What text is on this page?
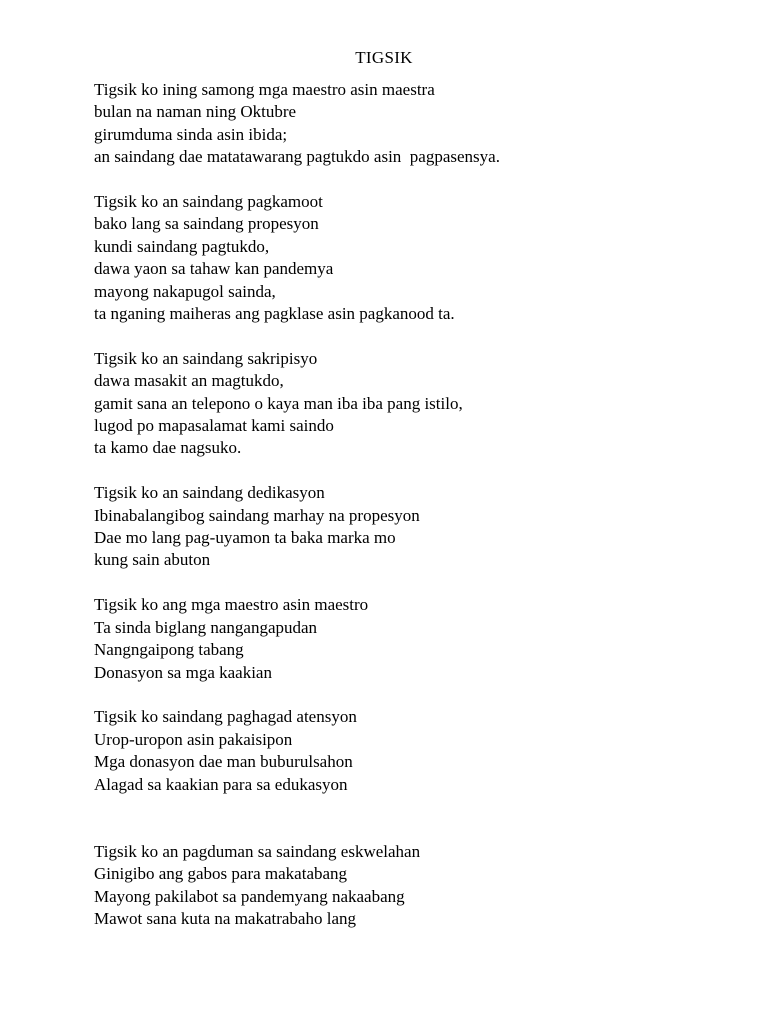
TIGSIK
Tigsik ko ining samong mga maestro asin maestra
bulan na naman ning Oktubre
girumduma sinda asin ibida;
an saindang dae matatawarang pagtukdo asin  pagpasensya.
Tigsik ko an saindang pagkamoot
bako lang sa saindang propesyon
kundi saindang pagtukdo,
dawa yaon sa tahaw kan pandemya
mayong nakapugol sainda,
ta nganing maiheras ang pagklase asin pagkanood ta.
Tigsik ko an saindang sakripisyo
dawa masakit an magtukdo,
gamit sana an telepono o kaya man iba iba pang istilo,
lugod po mapasalamat kami saindo
ta kamo dae nagsuko.
Tigsik ko an saindang dedikasyon
Ibinabalangibog saindang marhay na propesyon
Dae mo lang pag-uyamon ta baka marka mo
kung sain abuton
Tigsik ko ang mga maestro asin maestro
Ta sinda biglang nangangapudan
Nangngaipong tabang
Donasyon sa mga kaakian
Tigsik ko saindang paghagad atensyon
Urop-uropon asin pakaisipon
Mga donasyon dae man buburulsahon
Alagad sa kaakian para sa edukasyon
Tigsik ko an pagduman sa saindang eskwelahan
Ginigibo ang gabos para makatabang
Mayong pakilabot sa pandemyang nakaabang
Mawot sana kuta na makatrabaho lang
